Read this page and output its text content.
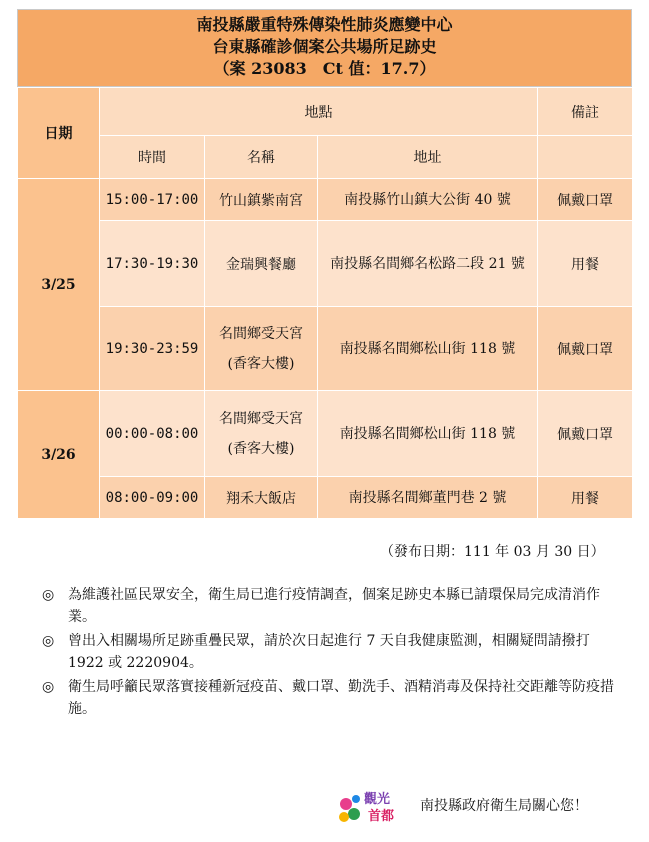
南投縣嚴重特殊傳染性肺炎應變中心
台東縣確診個案公共場所足跡史
（案 23083　Ct 值：17.7）
日期	地點			備註
	時間	名稱	地址	
3/25	15:00-17:00	竹山鎮紫南宮	南投縣竹山鎮大公街 40 號	佩戴口罩
	17:30-19:30	金瑞興餐廳	南投縣名間鄉名松路二段 21 號	用餐
	19:30-23:59	名間鄉受天宮
(香客大樓)	南投縣名間鄉松山街 118 號	佩戴口罩
3/26	00:00-08:00	名間鄉受天宮
(香客大樓)	南投縣名間鄉松山街 118 號	佩戴口罩
	08:00-09:00	翔禾大飯店	南投縣名間鄉董門巷 2 號	用餐
（發布日期：111 年 03 月 30 日）
◎ 為維護社區民眾安全，衛生局已進行疫情調查，個案足跡史本縣已請環保局完成清消作業。
◎ 曾出入相關場所足跡重疊民眾，請於次日起進行 7 天自我健康監測，相關疑問請撥打 1922 或 2220904。
◎ 衛生局呼籲民眾落實接種新冠疫苗、戴口罩、勤洗手、酒精消毒及保持社交距離等防疫措施。
觀光
首都
南投縣政府衛生局關心您！
